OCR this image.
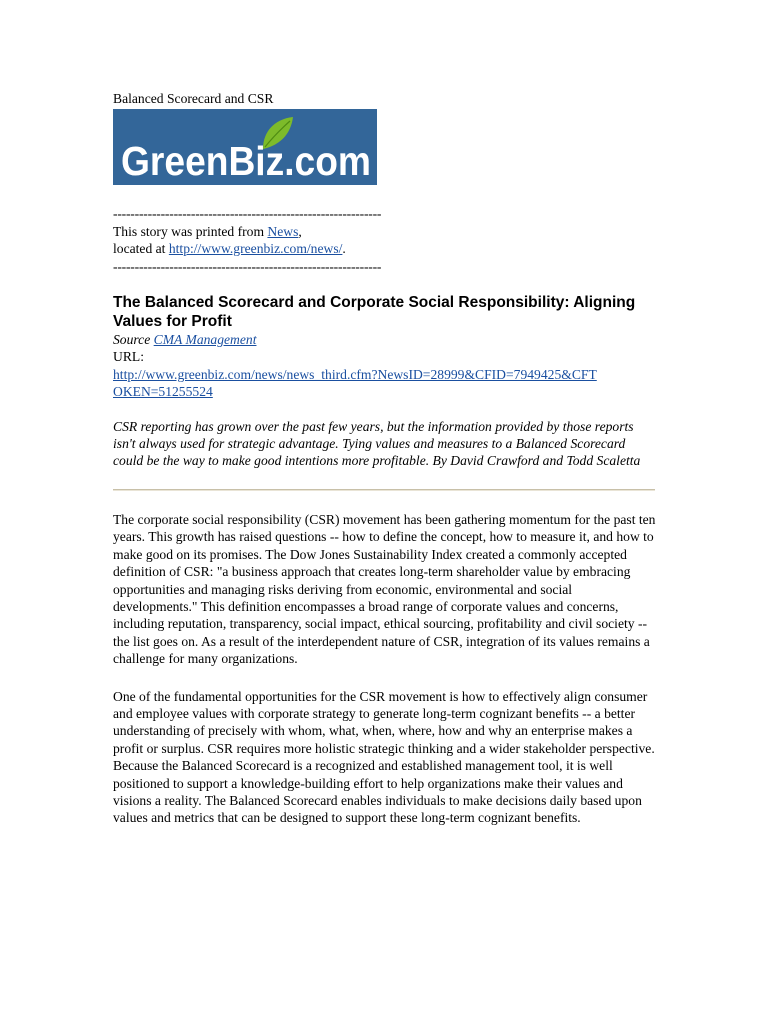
Balanced Scorecard and CSR
GreenBiz.com
--------------------------------------------------------------
This story was printed from News,
located at http://www.greenbiz.com/news/.
--------------------------------------------------------------
The Balanced Scorecard and Corporate Social Responsibility: Aligning Values for Profit
Source CMA Management
URL:
http://www.greenbiz.com/news/news_third.cfm?NewsID=28999&CFID=7949425&CFT
OKEN=51255524
CSR reporting has grown over the past few years, but the information provided by those reports isn't always used for strategic advantage. Tying values and measures to a Balanced Scorecard could be the way to make good intentions more profitable. By David Crawford and Todd Scaletta
The corporate social responsibility (CSR) movement has been gathering momentum for the past ten years. This growth has raised questions -- how to define the concept, how to measure it, and how to make good on its promises. The Dow Jones Sustainability Index created a commonly accepted definition of CSR: "a business approach that creates long-term shareholder value by embracing opportunities and managing risks deriving from economic, environmental and social developments." This definition encompasses a broad range of corporate values and concerns, including reputation, transparency, social impact, ethical sourcing, profitability and civil society -- the list goes on. As a result of the interdependent nature of CSR, integration of its values remains a challenge for many organizations.
One of the fundamental opportunities for the CSR movement is how to effectively align consumer and employee values with corporate strategy to generate long-term cognizant benefits -- a better understanding of precisely with whom, what, when, where, how and why an enterprise makes a profit or surplus. CSR requires more holistic strategic thinking and a wider stakeholder perspective. Because the Balanced Scorecard is a recognized and established management tool, it is well positioned to support a knowledge-building effort to help organizations make their values and visions a reality. The Balanced Scorecard enables individuals to make decisions daily based upon values and metrics that can be designed to support these long-term cognizant benefits.
